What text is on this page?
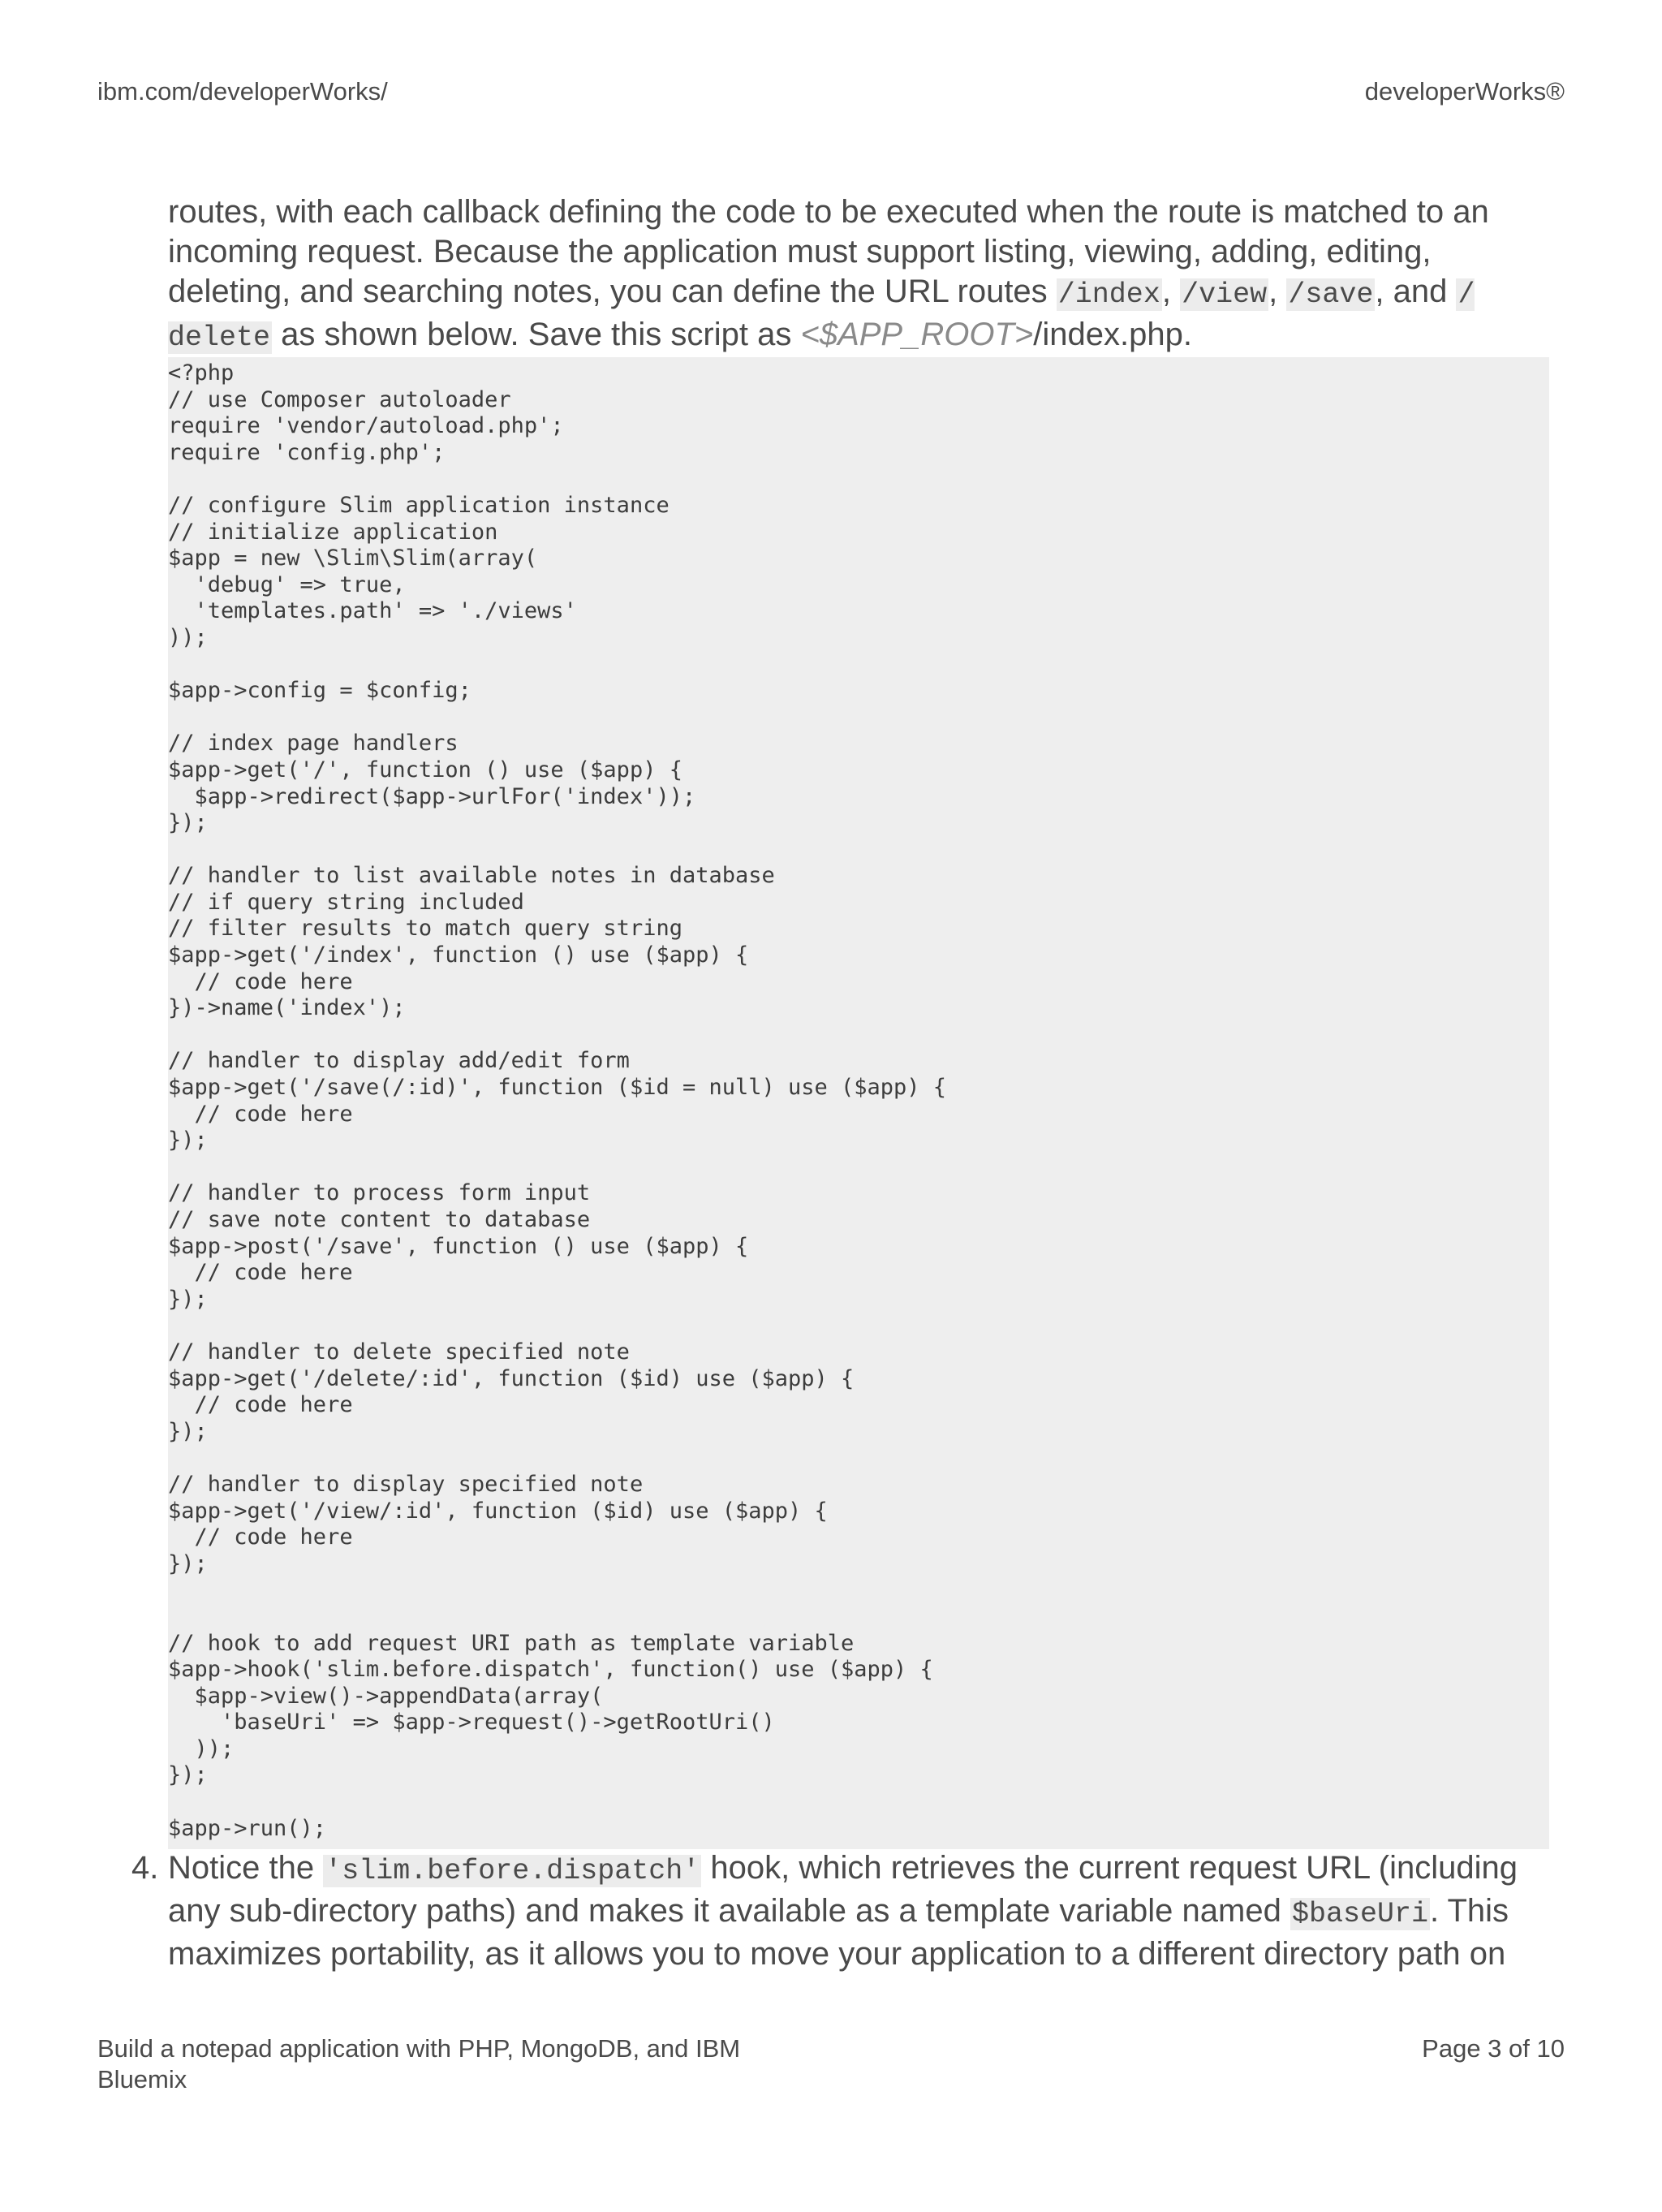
ibm.com/developerWorks/	developerWorks®

routes, with each callback defining the code to be executed when the route is matched to an incoming request. Because the application must support listing, viewing, adding, editing, deleting, and searching notes, you can define the URL routes /index, /view, /save, and / delete as shown below. Save this script as <$APP_ROOT>/index.php.

<?php
// use Composer autoloader
require 'vendor/autoload.php';
require 'config.php';
// configure Slim application instance
// initialize application
$app = new \Slim\Slim(array(
'debug' => true,
'templates.path' => './views'
));
$app->config = $config;
// index page handlers
$app->get('/', function () use ($app) {
$app->redirect($app->urlFor('index'));
});
// handler to list available notes in database
// if query string included
// filter results to match query string
$app->get('/index', function () use ($app) {
// code here
})->name('index');
// handler to display add/edit form
$app->get('/save(/:id)', function ($id = null) use ($app) {
// code here
});
// handler to process form input
// save note content to database
$app->post('/save', function () use ($app) {
// code here
});
// handler to delete specified note
$app->get('/delete/:id', function ($id) use ($app) {
// code here
});
// handler to display specified note
$app->get('/view/:id', function ($id) use ($app) {
// code here
});
// hook to add request URI path as template variable
$app->hook('slim.before.dispatch', function() use ($app) {
$app->view()->appendData(array(
'baseUri' => $app->request()->getRootUri()
));
});
$app->run();
4. Notice the 'slim.before.dispatch' hook, which retrieves the current request URL (including any sub-directory paths) and makes it available as a template variable named $baseUri. This maximizes portability, as it allows you to move your application to a different directory path on
Build a notepad application with PHP, MongoDB, and IBM Bluemix
Page 3 of 10
